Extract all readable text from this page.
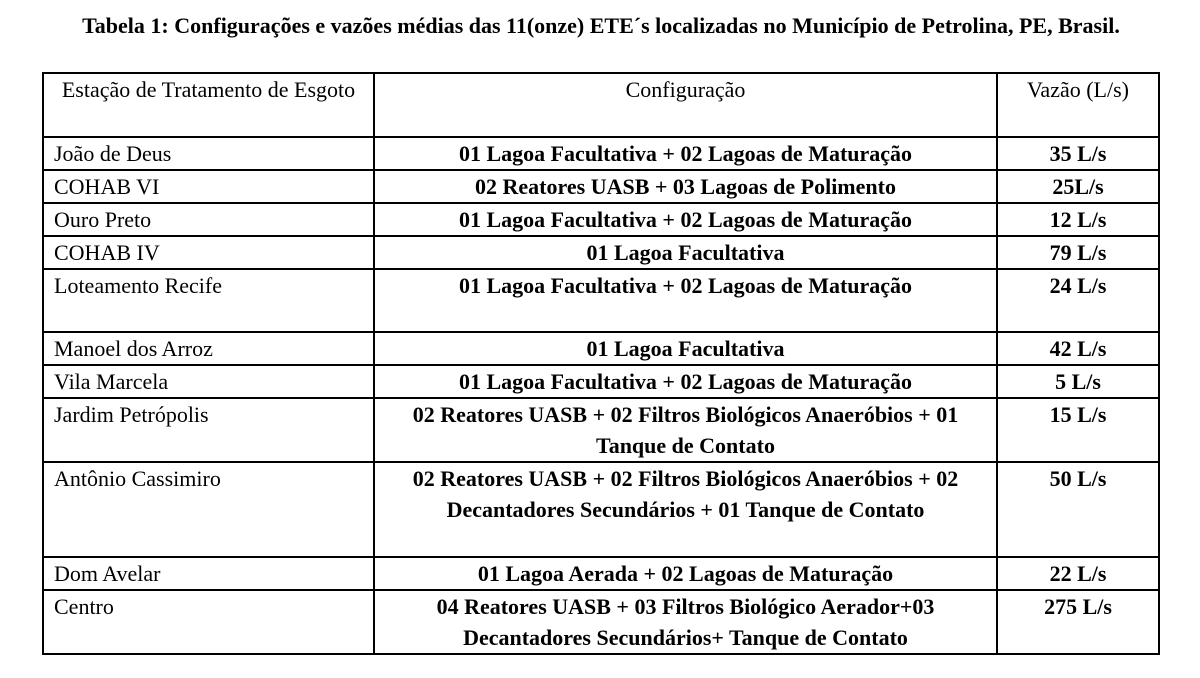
Tabela 1: Configurações e vazões médias das 11(onze) ETE´s localizadas no Município de Petrolina, PE, Brasil.
Estação de Tratamento de Esgoto	Configuração	Vazão (L/s)
João de Deus	01 Lagoa Facultativa + 02 Lagoas de Maturação	35 L/s
COHAB VI	02 Reatores UASB + 03 Lagoas de Polimento	25L/s
Ouro Preto	01 Lagoa Facultativa + 02 Lagoas de Maturação	12 L/s
COHAB IV	01 Lagoa Facultativa	79 L/s
Loteamento Recife	01 Lagoa Facultativa + 02 Lagoas de Maturação	24 L/s
Manoel dos Arroz	01 Lagoa Facultativa	42 L/s
Vila Marcela	01 Lagoa Facultativa + 02 Lagoas de Maturação	5 L/s
Jardim Petrópolis	02 Reatores UASB + 02 Filtros Biológicos Anaeróbios + 01 Tanque de Contato	15 L/s
Antônio Cassimiro	02 Reatores UASB + 02 Filtros Biológicos Anaeróbios + 02 Decantadores Secundários + 01 Tanque de Contato	50 L/s
Dom Avelar	01 Lagoa Aerada + 02 Lagoas de Maturação	22 L/s
Centro	04 Reatores UASB + 03 Filtros Biológico Aerador+03 Decantadores Secundários+ Tanque de Contato	275 L/s
